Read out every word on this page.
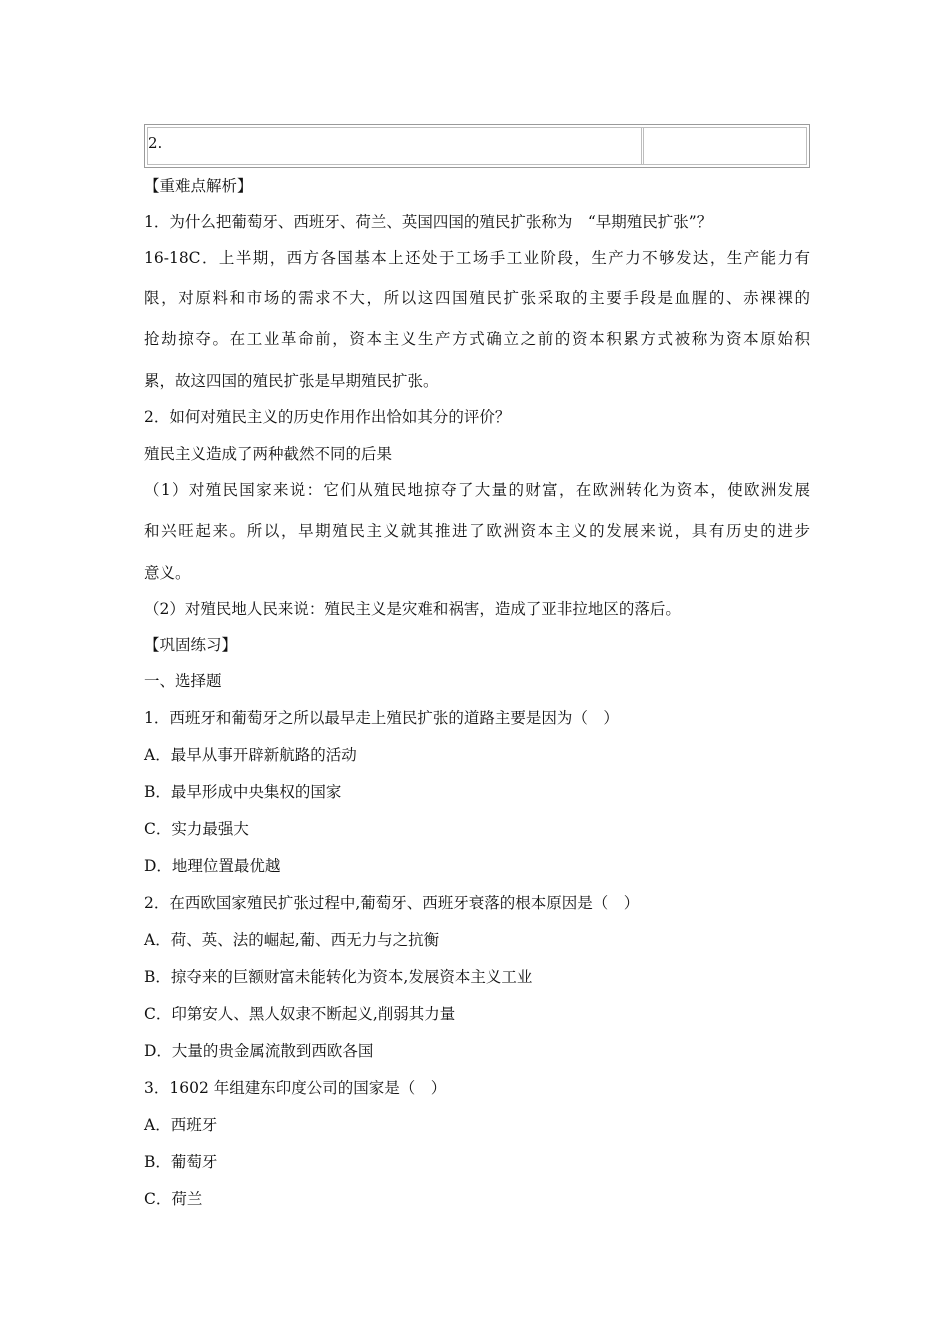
2.
【重难点解析】
1．为什么把葡萄牙、西班牙、荷兰、英国四国的殖民扩张称为　“早期殖民扩张”？
16-18C．上半期，西方各国基本上还处于工场手工业阶段，生产力不够发达，生产能力有
限，对原料和市场的需求不大，所以这四国殖民扩张采取的主要手段是血腥的、赤裸裸的
抢劫掠夺。在工业革命前，资本主义生产方式确立之前的资本积累方式被称为资本原始积
累，故这四国的殖民扩张是早期殖民扩张。
2．如何对殖民主义的历史作用作出恰如其分的评价？
殖民主义造成了两种截然不同的后果
（1）对殖民国家来说：它们从殖民地掠夺了大量的财富，在欧洲转化为资本，使欧洲发展
和兴旺起来。所以，早期殖民主义就其推进了欧洲资本主义的发展来说，具有历史的进步
意义。
（2）对殖民地人民来说：殖民主义是灾难和祸害，造成了亚非拉地区的落后。
【巩固练习】
一、选择题
1．西班牙和葡萄牙之所以最早走上殖民扩张的道路主要是因为（　）
A．最早从事开辟新航路的活动
B．最早形成中央集权的国家
C．实力最强大
D．地理位置最优越
2．在西欧国家殖民扩张过程中,葡萄牙、西班牙衰落的根本原因是（　）
A．荷、英、法的崛起,葡、西无力与之抗衡
B．掠夺来的巨额财富未能转化为资本,发展资本主义工业
C．印第安人、黑人奴隶不断起义,削弱其力量
D．大量的贵金属流散到西欧各国
3．1602 年组建东印度公司的国家是（　）
A．西班牙
B．葡萄牙
C．荷兰
